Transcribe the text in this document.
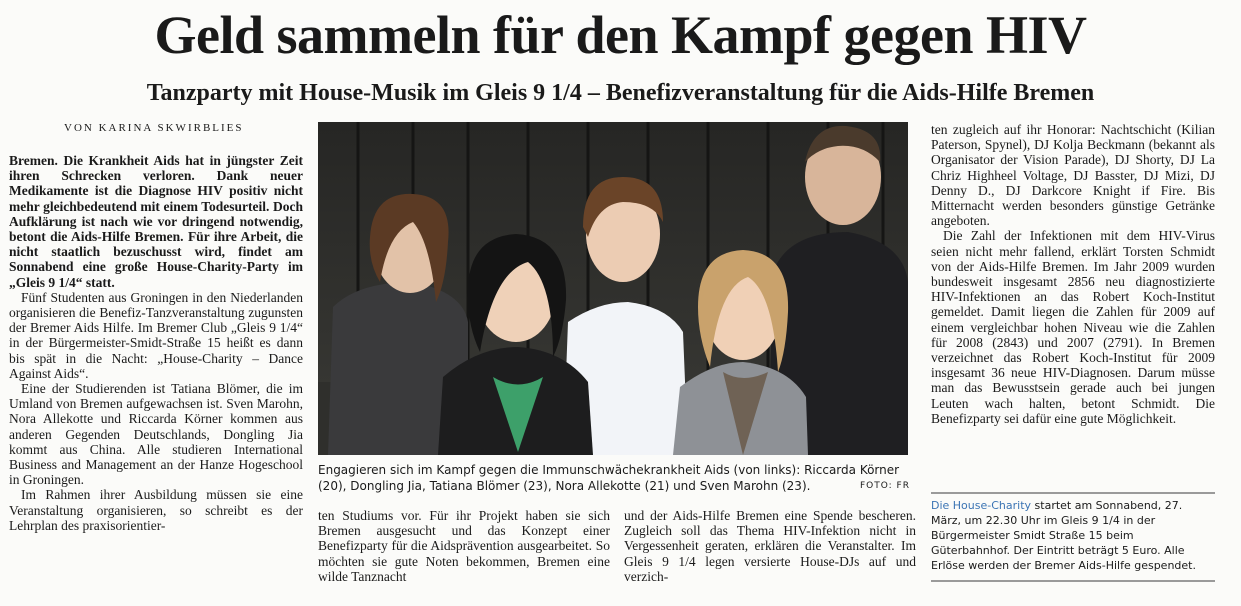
Geld sammeln für den Kampf gegen HIV
Tanzparty mit House-Musik im Gleis 9 1/4 – Benefizveranstaltung für die Aids-Hilfe Bremen
VON KARINA SKWIRBLIES

Bremen. Die Krankheit Aids hat in jüngster Zeit ihren Schrecken verloren. Dank neuer Medikamente ist die Diagnose HIV positiv nicht mehr gleichbedeutend mit einem Todesurteil. Doch Aufklärung ist nach wie vor dringend notwendig, betont die Aids-Hilfe Bremen. Für ihre Arbeit, die nicht staatlich bezuschusst wird, findet am Sonnabend eine große House-Charity-Party im „Gleis 9 1/4“ statt.

Fünf Studenten aus Groningen in den Niederlanden organisieren die Benefiz-Tanzveranstaltung zugunsten der Bremer Aids Hilfe. Im Bremer Club „Gleis 9 1/4“ in der Bürgermeister-Smidt-Straße 15 heißt es dann bis spät in die Nacht: „House-Charity – Dance Against Aids“.

Eine der Studierenden ist Tatiana Blömer, die im Umland von Bremen aufgewachsen ist. Sven Marohn, Nora Allekotte und Riccarda Körner kommen aus anderen Gegenden Deutschlands, Dongling Jia kommt aus China. Alle studieren International Business and Management an der Hanze Hogeschool in Groningen.

Im Rahmen ihrer Ausbildung müssen sie eine Veranstaltung organisieren, so schreibt es der Lehrplan des praxisorientier-

Engagieren sich im Kampf gegen die Immunschwächekrankheit Aids (von links): Riccarda Körner (20), Dongling Jia, Tatiana Blömer (23), Nora Allekotte (21) und Sven Marohn (23).	FOTO: FR

ten Studiums vor. Für ihr Projekt haben sie sich Bremen ausgesucht und das Konzept einer Benefizparty für die Aidsprävention ausgearbeitet. So möchten sie gute Noten bekommen, Bremen eine wilde Tanznacht

und der Aids-Hilfe Bremen eine Spende bescheren. Zugleich soll das Thema HIV-Infektion nicht in Vergessenheit geraten, erklären die Veranstalter. Im Gleis 9 1/4 legen versierte House-DJs auf und verzich-

ten zugleich auf ihr Honorar: Nachtschicht (Kilian Paterson, Spynel), DJ Kolja Beckmann (bekannt als Organisator der Vision Parade), DJ Shorty, DJ La Chriz Highheel Voltage, DJ Basster, DJ Mizi, DJ Denny D., DJ Darkcore Knight if Fire. Bis Mitternacht werden besonders günstige Getränke angeboten.

Die Zahl der Infektionen mit dem HIV-Virus seien nicht mehr fallend, erklärt Torsten Schmidt von der Aids-Hilfe Bremen. Im Jahr 2009 wurden bundesweit insgesamt 2856 neu diagnostizierte HIV-Infektionen an das Robert Koch-Institut gemeldet. Damit liegen die Zahlen für 2009 auf einem vergleichbar hohen Niveau wie die Zahlen für 2008 (2843) und 2007 (2791). In Bremen verzeichnet das Robert Koch-Institut für 2009 insgesamt 36 neue HIV-Diagnosen. Darum müsse man das Bewusstsein gerade auch bei jungen Leuten wach halten, betont Schmidt. Die Benefizparty sei dafür eine gute Möglichkeit.

Die House-Charity startet am Sonnabend, 27. März, um 22.30 Uhr im Gleis 9 1/4 in der Bürgermeister Smidt Straße 15 beim Güterbahnhof. Der Eintritt beträgt 5 Euro. Alle Erlöse werden der Bremer Aids-Hilfe gespendet.
